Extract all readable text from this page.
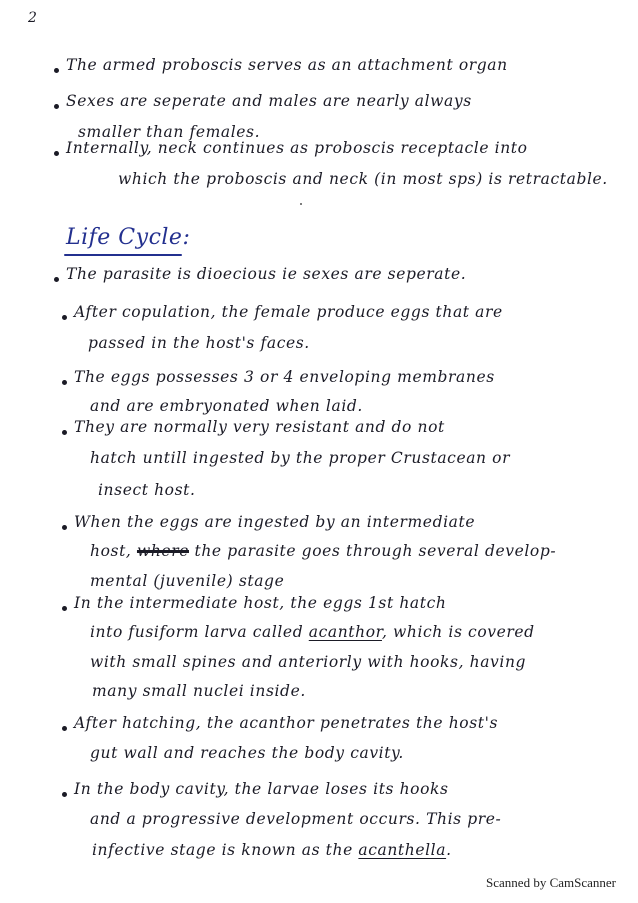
2
The armed proboscis serves as an attachment organ
Sexes are seperate and males are nearly always
smaller than females.
Internally, neck continues as proboscis receptacle into
which the proboscis and neck (in most sps) is retractable.
Life Cycle:
The parasite is dioecious ie sexes are seperate.
After copulation, the female produce eggs that are
passed in the host's faces.
The eggs possesses 3 or 4 enveloping membranes
and are embryonated when laid.
They are normally very resistant and do not
hatch untill ingested by the proper Crustacean or
insect host.
When the eggs are ingested by an intermediate
host, where the parasite goes through several develop-
mental (juvenile) stage
In the intermediate host, the eggs 1st hatch
into fusiform larva called acanthor, which is covered
with small spines and anteriorly with hooks, having
many small nuclei inside.
After hatching, the acanthor penetrates the host's
gut wall and reaches the body cavity.
In the body cavity, the larvae loses its hooks
and a progressive development occurs. This pre-
infective stage is known as the acanthella.
Scanned by CamScanner
